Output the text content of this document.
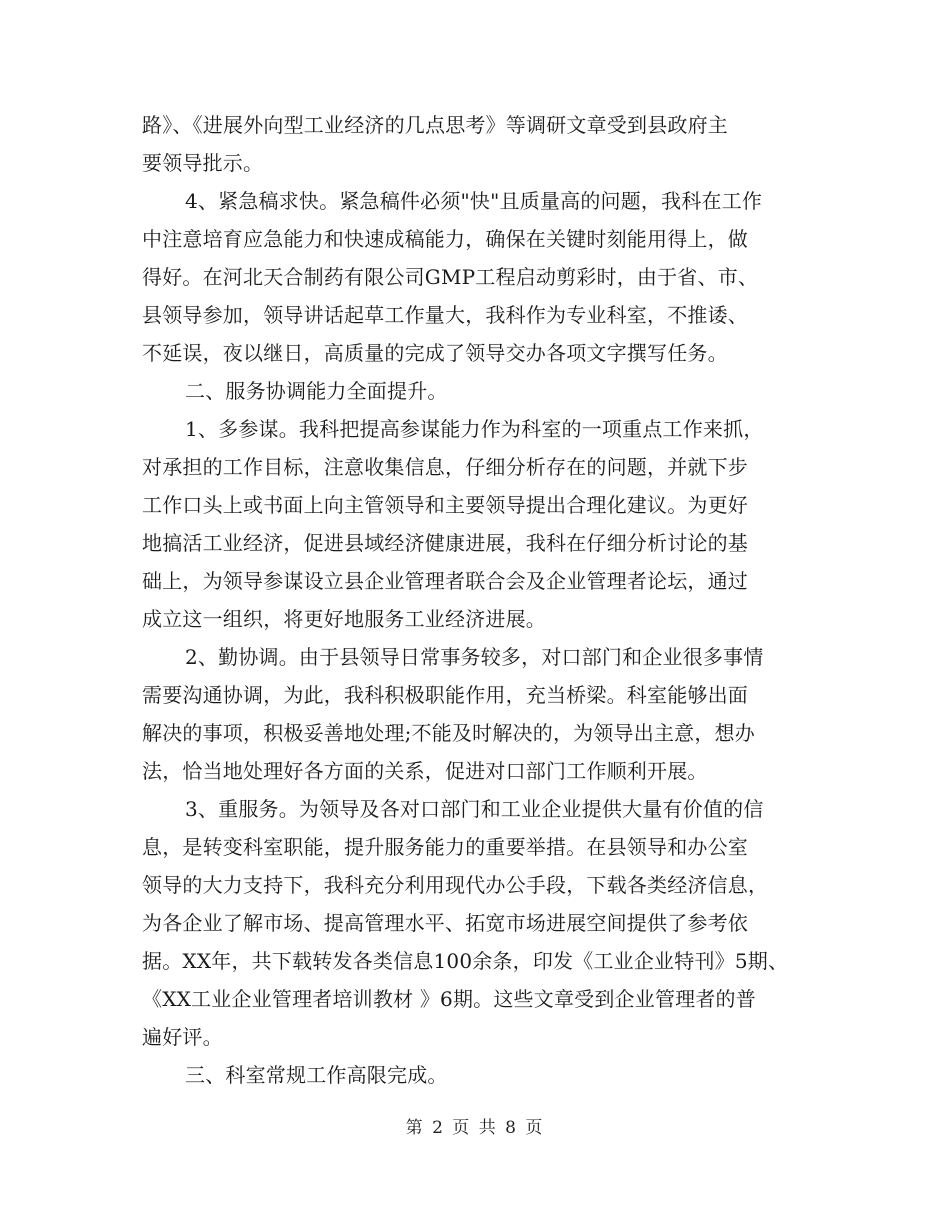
路》、《进展外向型工业经济的几点思考》等调研文章受到县政府主
要领导批示。
4、紧急稿求快。紧急稿件必须"快"且质量高的问题，我科在工作
中注意培育应急能力和快速成稿能力，确保在关键时刻能用得上，做
得好。在河北天合制药有限公司GMP工程启动剪彩时，由于省、市、
县领导参加，领导讲话起草工作量大，我科作为专业科室，不推诿、
不延误，夜以继日，高质量的完成了领导交办各项文字撰写任务。
二、服务协调能力全面提升。
1、多参谋。我科把提高参谋能力作为科室的一项重点工作来抓，
对承担的工作目标，注意收集信息，仔细分析存在的问题，并就下步
工作口头上或书面上向主管领导和主要领导提出合理化建议。为更好
地搞活工业经济，促进县域经济健康进展，我科在仔细分析讨论的基
础上，为领导参谋设立县企业管理者联合会及企业管理者论坛，通过
成立这一组织，将更好地服务工业经济进展。
2、勤协调。由于县领导日常事务较多，对口部门和企业很多事情
需要沟通协调，为此，我科积极职能作用，充当桥梁。科室能够出面
解决的事项，积极妥善地处理;不能及时解决的，为领导出主意，想办
法，恰当地处理好各方面的关系，促进对口部门工作顺利开展。
3、重服务。为领导及各对口部门和工业企业提供大量有价值的信
息，是转变科室职能，提升服务能力的重要举措。在县领导和办公室
领导的大力支持下，我科充分利用现代办公手段，下载各类经济信息，
为各企业了解市场、提高管理水平、拓宽市场进展空间提供了参考依
据。XX年，共下载转发各类信息100余条，印发《工业企业特刊》5期、
《XX工业企业管理者培训教材 》6期。这些文章受到企业管理者的普
遍好评。
三、科室常规工作高限完成。
第 2 页 共 8 页
